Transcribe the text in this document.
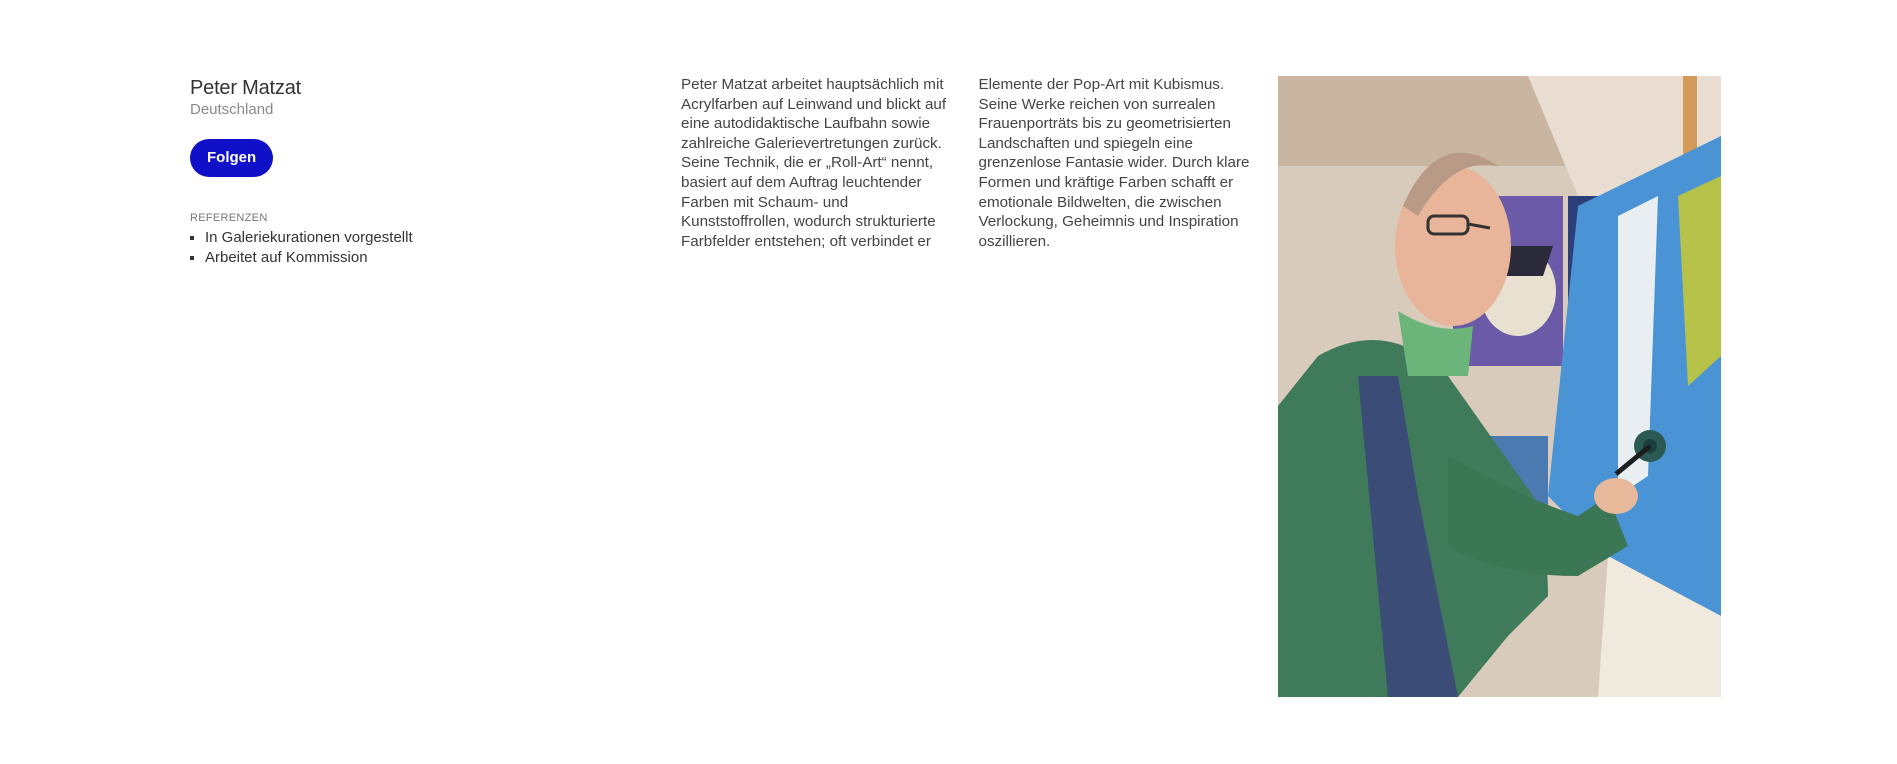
Peter Matzat
Deutschland
Folgen
REFERENZEN
In Galeriekurationen vorgestellt
Arbeitet auf Kommission

Peter Matzat arbeitet hauptsächlich mit Acrylfarben auf Leinwand und blickt auf eine autodidaktische Laufbahn sowie zahlreiche Galerievertretungen zurück. Seine Technik, die er „Roll-Art“ nennt, basiert auf dem Auftrag leuchtender Farben mit Schaum- und Kunststoffrollen, wodurch strukturierte Farbfelder entstehen; oft verbindet er Elemente der Pop-Art mit Kubismus. Seine Werke reichen von surrealen Frauenporträts bis zu geometrisierten Landschaften und spiegeln eine grenzenlose Fantasie wider. Durch klare Formen und kräftige Farben schafft er emotionale Bildwelten, die zwischen Verlockung, Geheimnis und Inspiration oszillieren.
